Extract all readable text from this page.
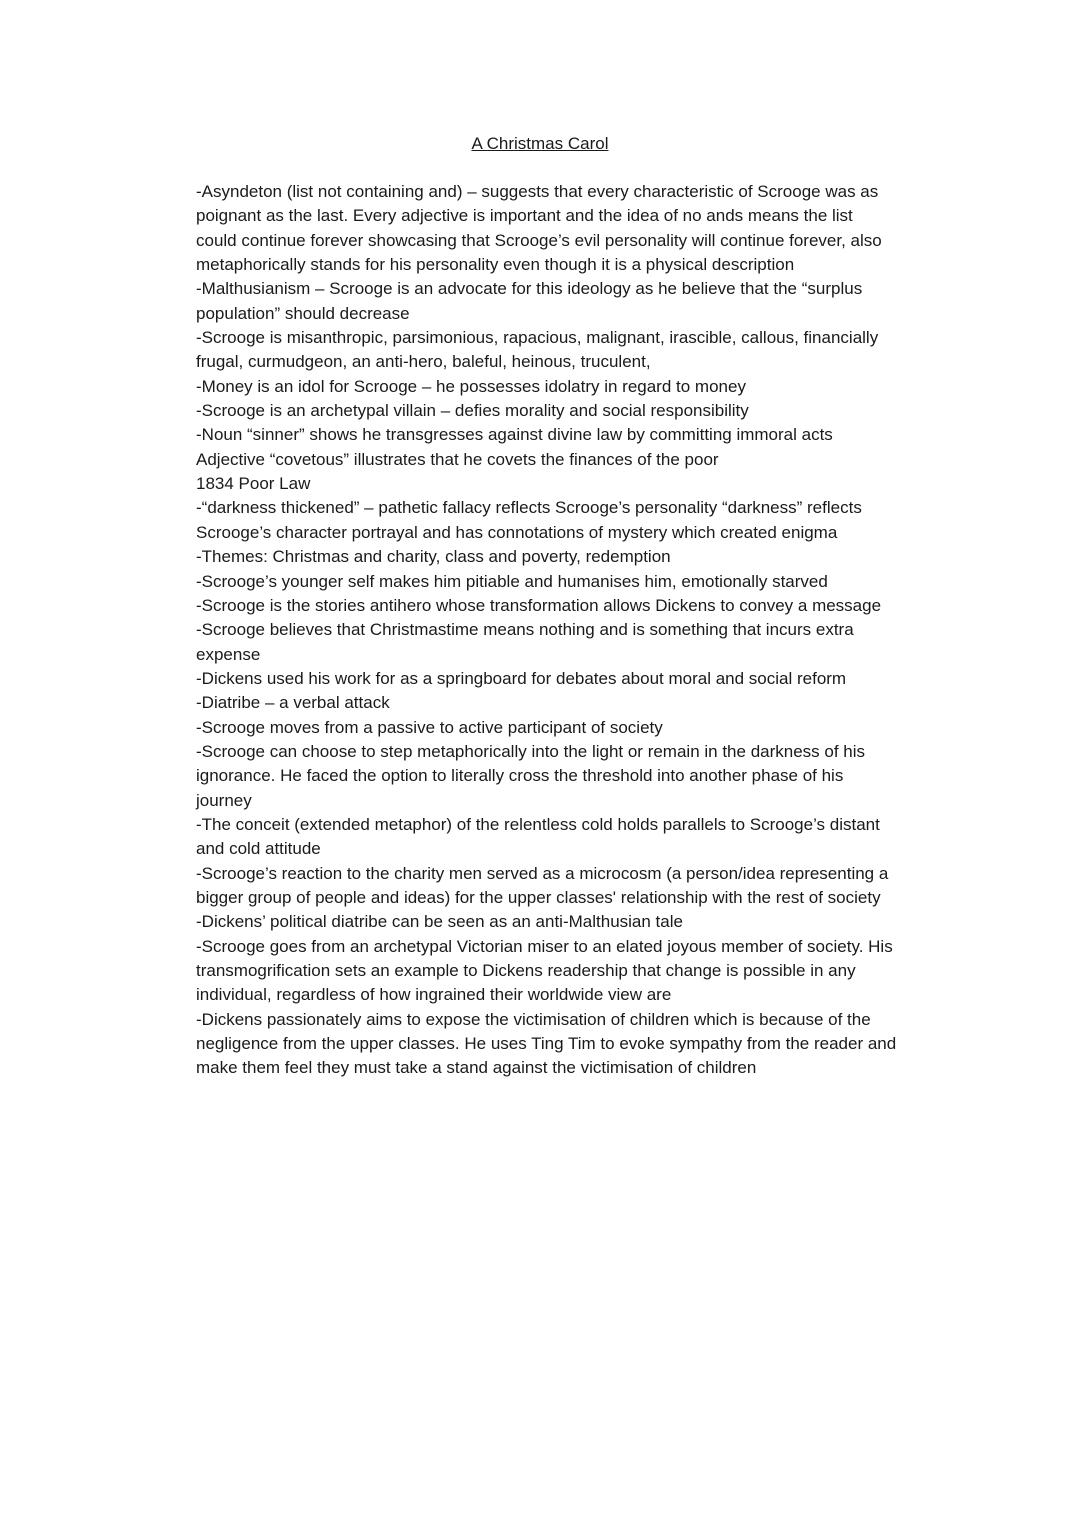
A Christmas Carol
-Asyndeton (list not containing and) – suggests that every characteristic of Scrooge was as
poignant as the last. Every adjective is important and the idea of no ands means the list
could continue forever showcasing that Scrooge’s evil personality will continue forever, also
metaphorically stands for his personality even though it is a physical description
-Malthusianism – Scrooge is an advocate for this ideology as he believe that the “surplus
population” should decrease
-Scrooge is misanthropic, parsimonious, rapacious, malignant, irascible, callous, financially
frugal, curmudgeon, an anti-hero, baleful, heinous, truculent,
-Money is an idol for Scrooge – he possesses idolatry in regard to money
-Scrooge is an archetypal villain – defies morality and social responsibility
-Noun “sinner” shows he transgresses against divine law by committing immoral acts
Adjective “covetous” illustrates that he covets the finances of the poor
1834 Poor Law
-“darkness thickened” – pathetic fallacy reflects Scrooge’s personality “darkness” reflects
Scrooge’s character portrayal and has connotations of mystery which created enigma
-Themes: Christmas and charity, class and poverty, redemption
-Scrooge’s younger self makes him pitiable and humanises him, emotionally starved
-Scrooge is the stories antihero whose transformation allows Dickens to convey a message
-Scrooge believes that Christmastime means nothing and is something that incurs extra
expense
-Dickens used his work for as a springboard for debates about moral and social reform
-Diatribe – a verbal attack
-Scrooge moves from a passive to active participant of society
-Scrooge can choose to step metaphorically into the light or remain in the darkness of his
ignorance. He faced the option to literally cross the threshold into another phase of his
journey
-The conceit (extended metaphor) of the relentless cold holds parallels to Scrooge’s distant
and cold attitude
-Scrooge’s reaction to the charity men served as a microcosm (a person/idea representing a
bigger group of people and ideas) for the upper classes' relationship with the rest of society
-Dickens’ political diatribe can be seen as an anti-Malthusian tale
-Scrooge goes from an archetypal Victorian miser to an elated joyous member of society. His
transmogrification sets an example to Dickens readership that change is possible in any
individual, regardless of how ingrained their worldwide view are
-Dickens passionately aims to expose the victimisation of children which is because of the
negligence from the upper classes. He uses Ting Tim to evoke sympathy from the reader and
make them feel they must take a stand against the victimisation of children
